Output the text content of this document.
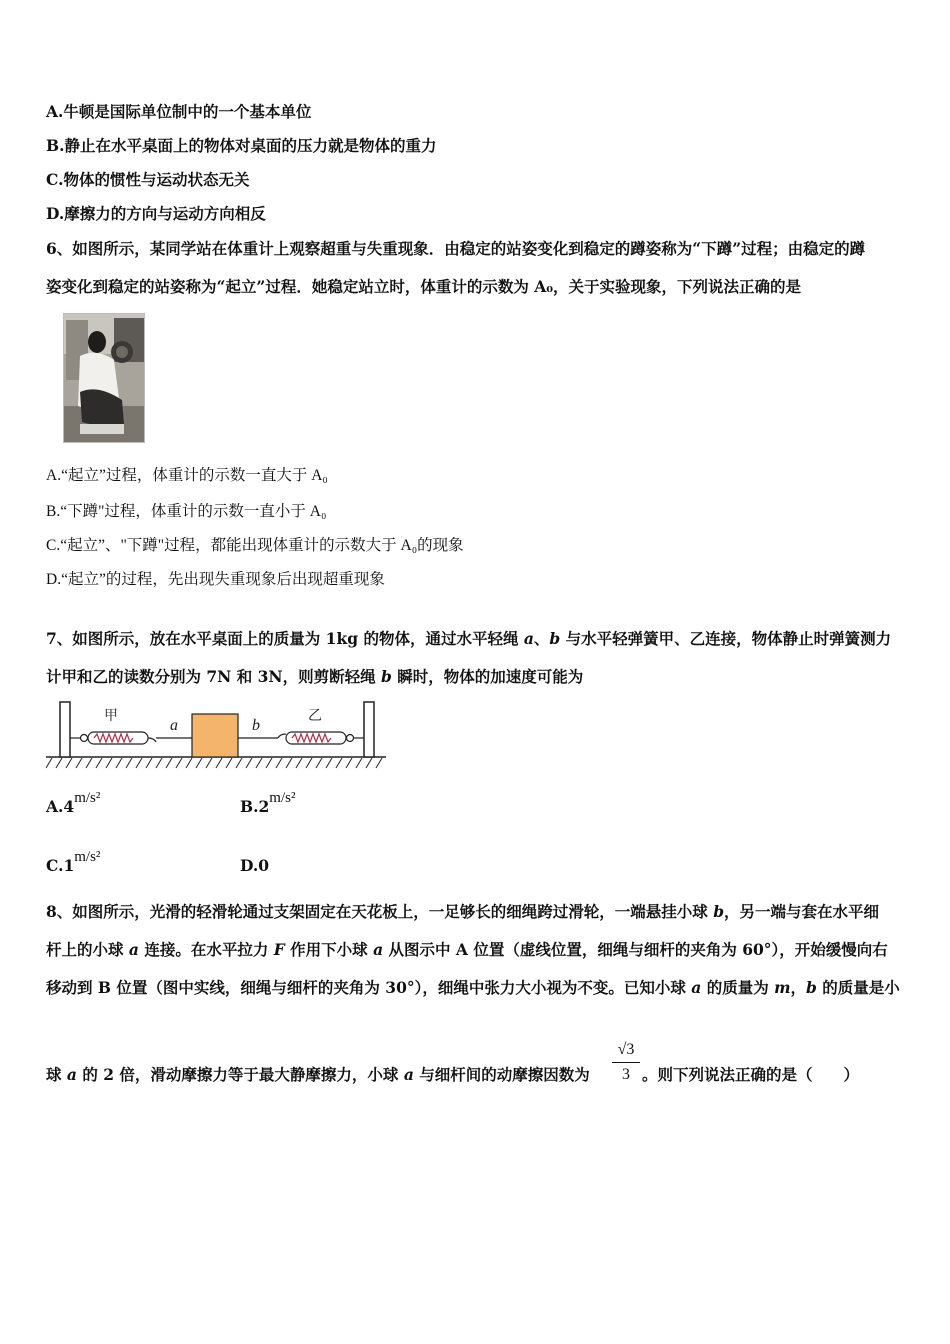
A.牛顿是国际单位制中的一个基本单位
B.静止在水平桌面上的物体对桌面的压力就是物体的重力
C.物体的惯性与运动状态无关
D.摩擦力的方向与运动方向相反
6、如图所示，某同学站在体重计上观察超重与失重现象．由稳定的站姿变化到稳定的蹲姿称为“下蹲”过程；由稳定的蹲
姿变化到稳定的站姿称为“起立”过程．她稳定站立时，体重计的示数为 A₀，关于实验现象，下列说法正确的是
A.“起立”过程，体重计的示数一直大于 A₀
B.“下蹲"过程，体重计的示数一直小于 A₀
C.“起立”、"下蹲"过程，都能出现体重计的示数大于 A₀的现象
D.“起立”的过程，先出现失重现象后出现超重现象
7、如图所示，放在水平桌面上的质量为 1kg 的物体，通过水平轻绳 a、b 与水平轻弹簧甲、乙连接，物体静止时弹簧测力
计甲和乙的读数分别为 7N 和 3N，则剪断轻绳 b 瞬时，物体的加速度可能为
甲
a	b
乙
A.4m/s²	B.2m/s²
C.1m/s²	D.0
8、如图所示，光滑的轻滑轮通过支架固定在天花板上，一足够长的细绳跨过滑轮，一端悬挂小球 b，另一端与套在水平细
杆上的小球 a 连接。在水平拉力 F 作用下小球 a 从图示中 A 位置（虚线位置，细绳与细杆的夹角为 60°），开始缓慢向右
移动到 B 位置（图中实线，细绳与细杆的夹角为 30°），细绳中张力大小视为不变。已知小球 a 的质量为 m，b 的质量是小
球 a 的 2 倍，滑动摩擦力等于最大静摩擦力，小球 a 与细杆间的动摩擦因数为
√3
3 。则下列说法正确的是（　　）
